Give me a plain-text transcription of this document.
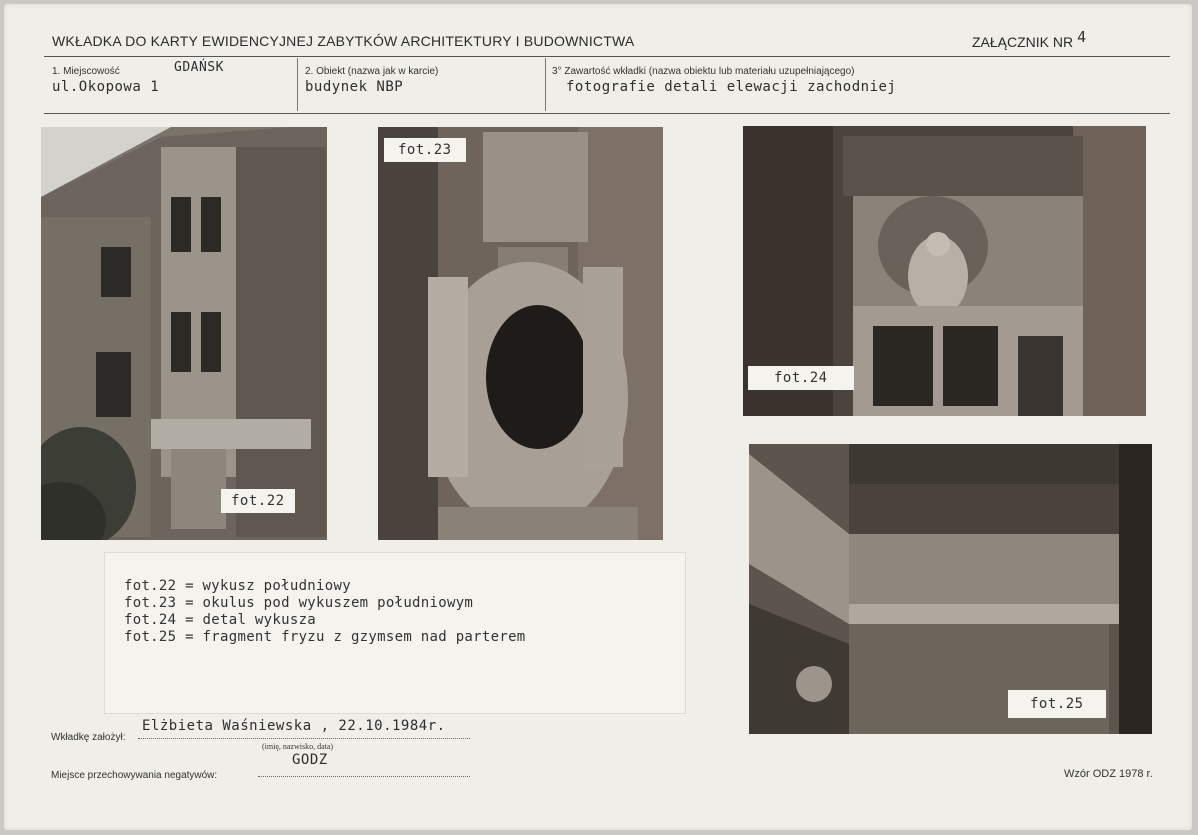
WKŁADKA DO KARTY EWIDENCYJNEJ ZABYTKÓW ARCHITEKTURY I BUDOWNICTWA	ZAŁĄCZNIK NR 4
1. Miejscowość	GDAŃSK
ul.Okopowa 1
2. Obiekt (nazwa jak w karcie)
budynek NBP
3° Zawartość wkładki (nazwa obiektu lub materiału uzupełniającego)
fotografie detali elewacji zachodniej
fot.22
fot.23
fot.24
fot.25
fot.22 = wykusz południowy
fot.23 = okulus pod wykuszem południowym
fot.24 = detal wykusza
fot.25 = fragment fryzu z gzymsem nad parterem
Wkładkę założył:
Elżbieta Waśniewska , 22.10.1984r.
(imię, nazwisko, data)
Miejsce przechowywania negatywów:
GODZ
Wzór ODZ 1978 r.
